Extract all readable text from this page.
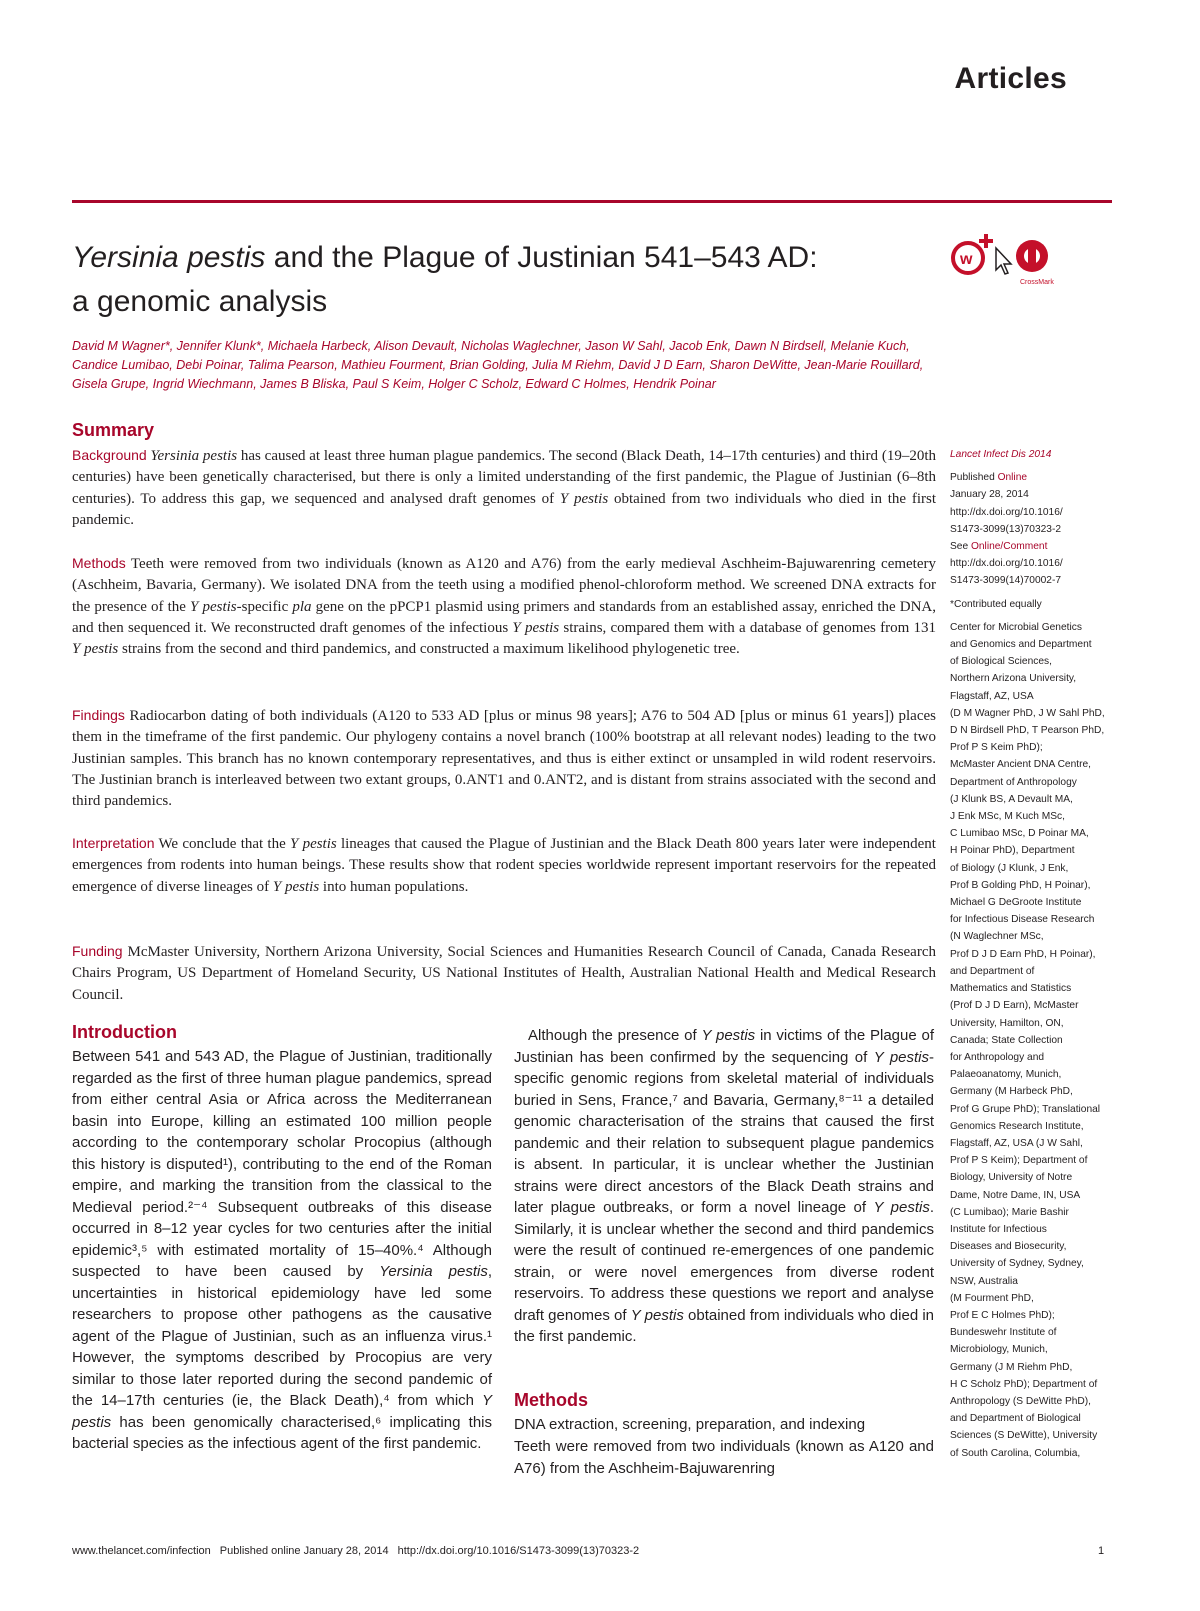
Articles
Yersinia pestis and the Plague of Justinian 541–543 AD:
a genomic analysis
w
CrossMark
David M Wagner*, Jennifer Klunk*, Michaela Harbeck, Alison Devault, Nicholas Waglechner, Jason W Sahl, Jacob Enk, Dawn N Birdsell, Melanie Kuch, Candice Lumibao, Debi Poinar, Talima Pearson, Mathieu Fourment, Brian Golding, Julia M Riehm, David J D Earn, Sharon DeWitte, Jean-Marie Rouillard, Gisela Grupe, Ingrid Wiechmann, James B Bliska, Paul S Keim, Holger C Scholz, Edward C Holmes, Hendrik Poinar
Summary
Background Yersinia pestis has caused at least three human plague pandemics. The second (Black Death, 14–17th centuries) and third (19–20th centuries) have been genetically characterised, but there is only a limited understanding of the first pandemic, the Plague of Justinian (6–8th centuries). To address this gap, we sequenced and analysed draft genomes of Y pestis obtained from two individuals who died in the first pandemic.
Methods Teeth were removed from two individuals (known as A120 and A76) from the early medieval Aschheim-Bajuwarenring cemetery (Aschheim, Bavaria, Germany). We isolated DNA from the teeth using a modified phenol-chloroform method. We screened DNA extracts for the presence of the Y pestis-specific pla gene on the pPCP1 plasmid using primers and standards from an established assay, enriched the DNA, and then sequenced it. We reconstructed draft genomes of the infectious Y pestis strains, compared them with a database of genomes from 131 Y pestis strains from the second and third pandemics, and constructed a maximum likelihood phylogenetic tree.
Findings Radiocarbon dating of both individuals (A120 to 533 AD [plus or minus 98 years]; A76 to 504 AD [plus or minus 61 years]) places them in the timeframe of the first pandemic. Our phylogeny contains a novel branch (100% bootstrap at all relevant nodes) leading to the two Justinian samples. This branch has no known contemporary representatives, and thus is either extinct or unsampled in wild rodent reservoirs. The Justinian branch is interleaved between two extant groups, 0.ANT1 and 0.ANT2, and is distant from strains associated with the second and third pandemics.
Interpretation We conclude that the Y pestis lineages that caused the Plague of Justinian and the Black Death 800 years later were independent emergences from rodents into human beings. These results show that rodent species worldwide represent important reservoirs for the repeated emergence of diverse lineages of Y pestis into human populations.
Funding McMaster University, Northern Arizona University, Social Sciences and Humanities Research Council of Canada, Canada Research Chairs Program, US Department of Homeland Security, US National Institutes of Health, Australian National Health and Medical Research Council.
Introduction
Between 541 and 543 AD, the Plague of Justinian, traditionally regarded as the first of three human plague pandemics, spread from either central Asia or Africa across the Mediterranean basin into Europe, killing an estimated 100 million people according to the contemporary scholar Procopius (although this history is disputed¹), contributing to the end of the Roman empire, and marking the transition from the classical to the Medieval period.²⁻⁴ Subsequent outbreaks of this disease occurred in 8–12 year cycles for two centuries after the initial epidemic³,⁵ with estimated mortality of 15–40%.⁴ Although suspected to have been caused by Yersinia pestis, uncertainties in historical epidemiology have led some researchers to propose other pathogens as the causative agent of the Plague of Justinian, such as an influenza virus.¹ However, the symptoms described by Procopius are very similar to those later reported during the second pandemic of the 14–17th centuries (ie, the Black Death),⁴ from which Y pestis has been genomically characterised,⁶ implicating this bacterial species as the infectious agent of the first pandemic.
Although the presence of Y pestis in victims of the Plague of Justinian has been confirmed by the sequencing of Y pestis-specific genomic regions from skeletal material of individuals buried in Sens, France,⁷ and Bavaria, Germany,⁸⁻¹¹ a detailed genomic characterisation of the strains that caused the first pandemic and their relation to subsequent plague pandemics is absent. In particular, it is unclear whether the Justinian strains were direct ancestors of the Black Death strains and later plague outbreaks, or form a novel lineage of Y pestis. Similarly, it is unclear whether the second and third pandemics were the result of continued re-emergences of one pandemic strain, or were novel emergences from diverse rodent reservoirs. To address these questions we report and analyse draft genomes of Y pestis obtained from individuals who died in the first pandemic.
Methods
DNA extraction, screening, preparation, and indexing
Teeth were removed from two individuals (known as A120 and A76) from the Aschheim-Bajuwarenring
Lancet Infect Dis 2014
Published Online
January 28, 2014
http://dx.doi.org/10.1016/
S1473-3099(13)70323-2
See Online/Comment
http://dx.doi.org/10.1016/
S1473-3099(14)70002-7
*Contributed equally
Center for Microbial Genetics
and Genomics and Department
of Biological Sciences,
Northern Arizona University,
Flagstaff, AZ, USA
(D M Wagner PhD, J W Sahl PhD,
D N Birdsell PhD, T Pearson PhD,
Prof P S Keim PhD);
McMaster Ancient DNA Centre,
Department of Anthropology
(J Klunk BS, A Devault MA,
J Enk MSc, M Kuch MSc,
C Lumibao MSc, D Poinar MA,
H Poinar PhD), Department
of Biology (J Klunk, J Enk,
Prof B Golding PhD, H Poinar),
Michael G DeGroote Institute
for Infectious Disease Research
(N Waglechner MSc,
Prof D J D Earn PhD, H Poinar),
and Department of
Mathematics and Statistics
(Prof D J D Earn), McMaster
University, Hamilton, ON,
Canada; State Collection
for Anthropology and
Palaeoanatomy, Munich,
Germany (M Harbeck PhD,
Prof G Grupe PhD); Translational
Genomics Research Institute,
Flagstaff, AZ, USA (J W Sahl,
Prof P S Keim); Department of
Biology, University of Notre
Dame, Notre Dame, IN, USA
(C Lumibao); Marie Bashir
Institute for Infectious
Diseases and Biosecurity,
University of Sydney, Sydney,
NSW, Australia
(M Fourment PhD,
Prof E C Holmes PhD);
Bundeswehr Institute of
Microbiology, Munich,
Germany (J M Riehm PhD,
H C Scholz PhD); Department of
Anthropology (S DeWitte PhD),
and Department of Biological
Sciences (S DeWitte), University
of South Carolina, Columbia,
www.thelancet.com/infection Published online January 28, 2014 http://dx.doi.org/10.1016/S1473-3099(13)70323-2	1
